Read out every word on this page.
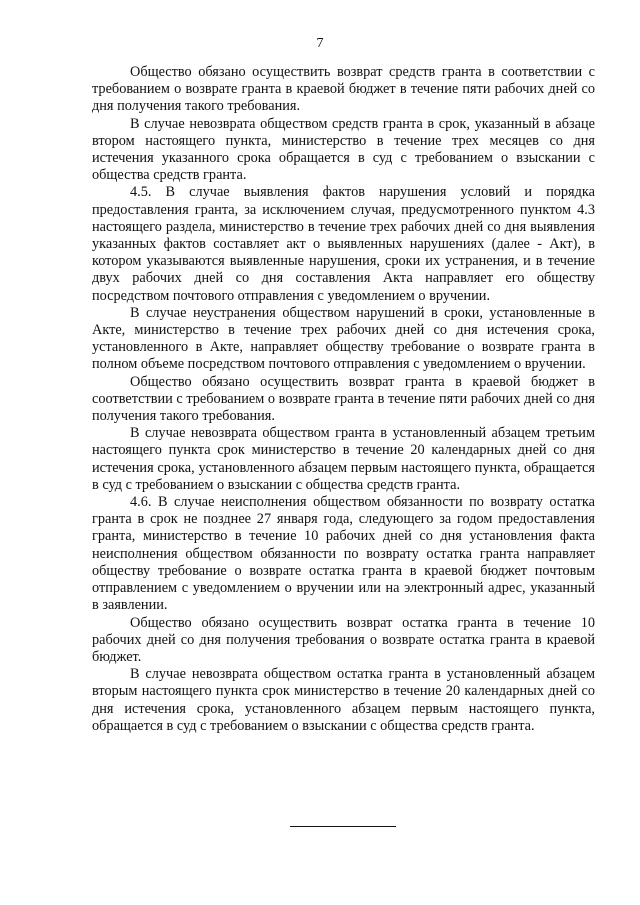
7

Общество обязано осуществить возврат средств гранта в соответствии с требованием о возврате гранта в краевой бюджет в течение пяти рабочих дней со дня получения такого требования.

В случае невозврата обществом средств гранта в срок, указанный в абзаце втором настоящего пункта, министерство в течение трех месяцев со дня истечения указанного срока обращается в суд с требованием о взыскании с общества средств гранта.

4.5. В случае выявления фактов нарушения условий и порядка предоставления гранта, за исключением случая, предусмотренного пунктом 4.3 настоящего раздела, министерство в течение трех рабочих дней со дня выявления указанных фактов составляет акт о выявленных нарушениях (далее - Акт), в котором указываются выявленные нарушения, сроки их устранения, и в течение двух рабочих дней со дня составления Акта направляет его обществу посредством почтового отправления с уведомлением о вручении.

В случае неустранения обществом нарушений в сроки, установленные в Акте, министерство в течение трех рабочих дней со дня истечения срока, установленного в Акте, направляет обществу требование о возврате гранта в полном объеме посредством почтового отправления с уведомлением о вручении.

Общество обязано осуществить возврат гранта в краевой бюджет в соответствии с требованием о возврате гранта в течение пяти рабочих дней со дня получения такого требования.

В случае невозврата обществом гранта в установленный абзацем третьим настоящего пункта срок министерство в течение 20 календарных дней со дня истечения срока, установленного абзацем первым настоящего пункта, обращается в суд с требованием о взыскании с общества средств гранта.

4.6. В случае неисполнения обществом обязанности по возврату остатка гранта в срок не позднее 27 января года, следующего за годом предоставления гранта, министерство в течение 10 рабочих дней со дня установления факта неисполнения обществом обязанности по возврату остатка гранта направляет обществу требование о возврате остатка гранта в краевой бюджет почтовым отправлением с уведомлением о вручении или на электронный адрес, указанный в заявлении.

Общество обязано осуществить возврат остатка гранта в течение 10 рабочих дней со дня получения требования о возврате остатка гранта в краевой бюджет.

В случае невозврата обществом остатка гранта в установленный абзацем вторым настоящего пункта срок министерство в течение 20 календарных дней со дня истечения срока, установленного абзацем первым настоящего пункта, обращается в суд с требованием о взыскании с общества средств гранта.
